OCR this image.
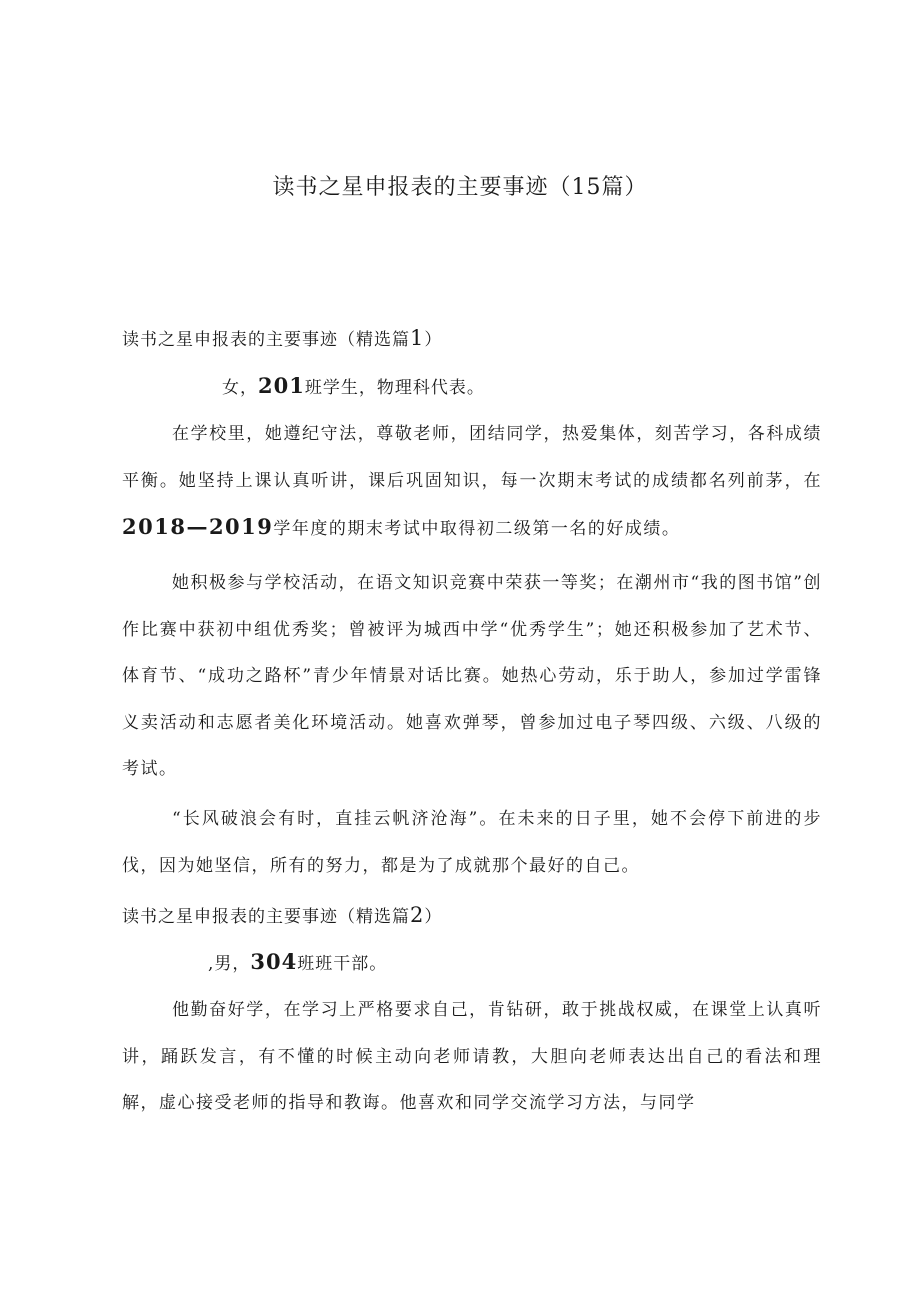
读书之星申报表的主要事迹（15篇）
读书之星申报表的主要事迹（精选篇1）
女，201班学生，物理科代表。

在学校里，她遵纪守法，尊敬老师，团结同学，热爱集体，刻苦学习，各科成绩平衡。她坚持上课认真听讲，课后巩固知识，每一次期末考试的成绩都名列前茅，在2018—2019学年度的期末考试中取得初二级第一名的好成绩。

她积极参与学校活动，在语文知识竞赛中荣获一等奖；在潮州市“我的图书馆”创作比赛中获初中组优秀奖；曾被评为城西中学“优秀学生”；她还积极参加了艺术节、体育节、“成功之路杯”青少年情景对话比赛。她热心劳动，乐于助人，参加过学雷锋义卖活动和志愿者美化环境活动。她喜欢弹琴，曾参加过电子琴四级、六级、八级的考试。

“长风破浪会有时，直挂云帆济沧海”。在未来的日子里，她不会停下前进的步伐，因为她坚信，所有的努力，都是为了成就那个最好的自己。

读书之星申报表的主要事迹（精选篇2）
,男，304班班干部。

他勤奋好学，在学习上严格要求自己，肯钻研，敢于挑战权威，在课堂上认真听讲，踊跃发言，有不懂的时候主动向老师请教，大胆向老师表达出自己的看法和理解，虚心接受老师的指导和教诲。他喜欢和同学交流学习方法，与同学
